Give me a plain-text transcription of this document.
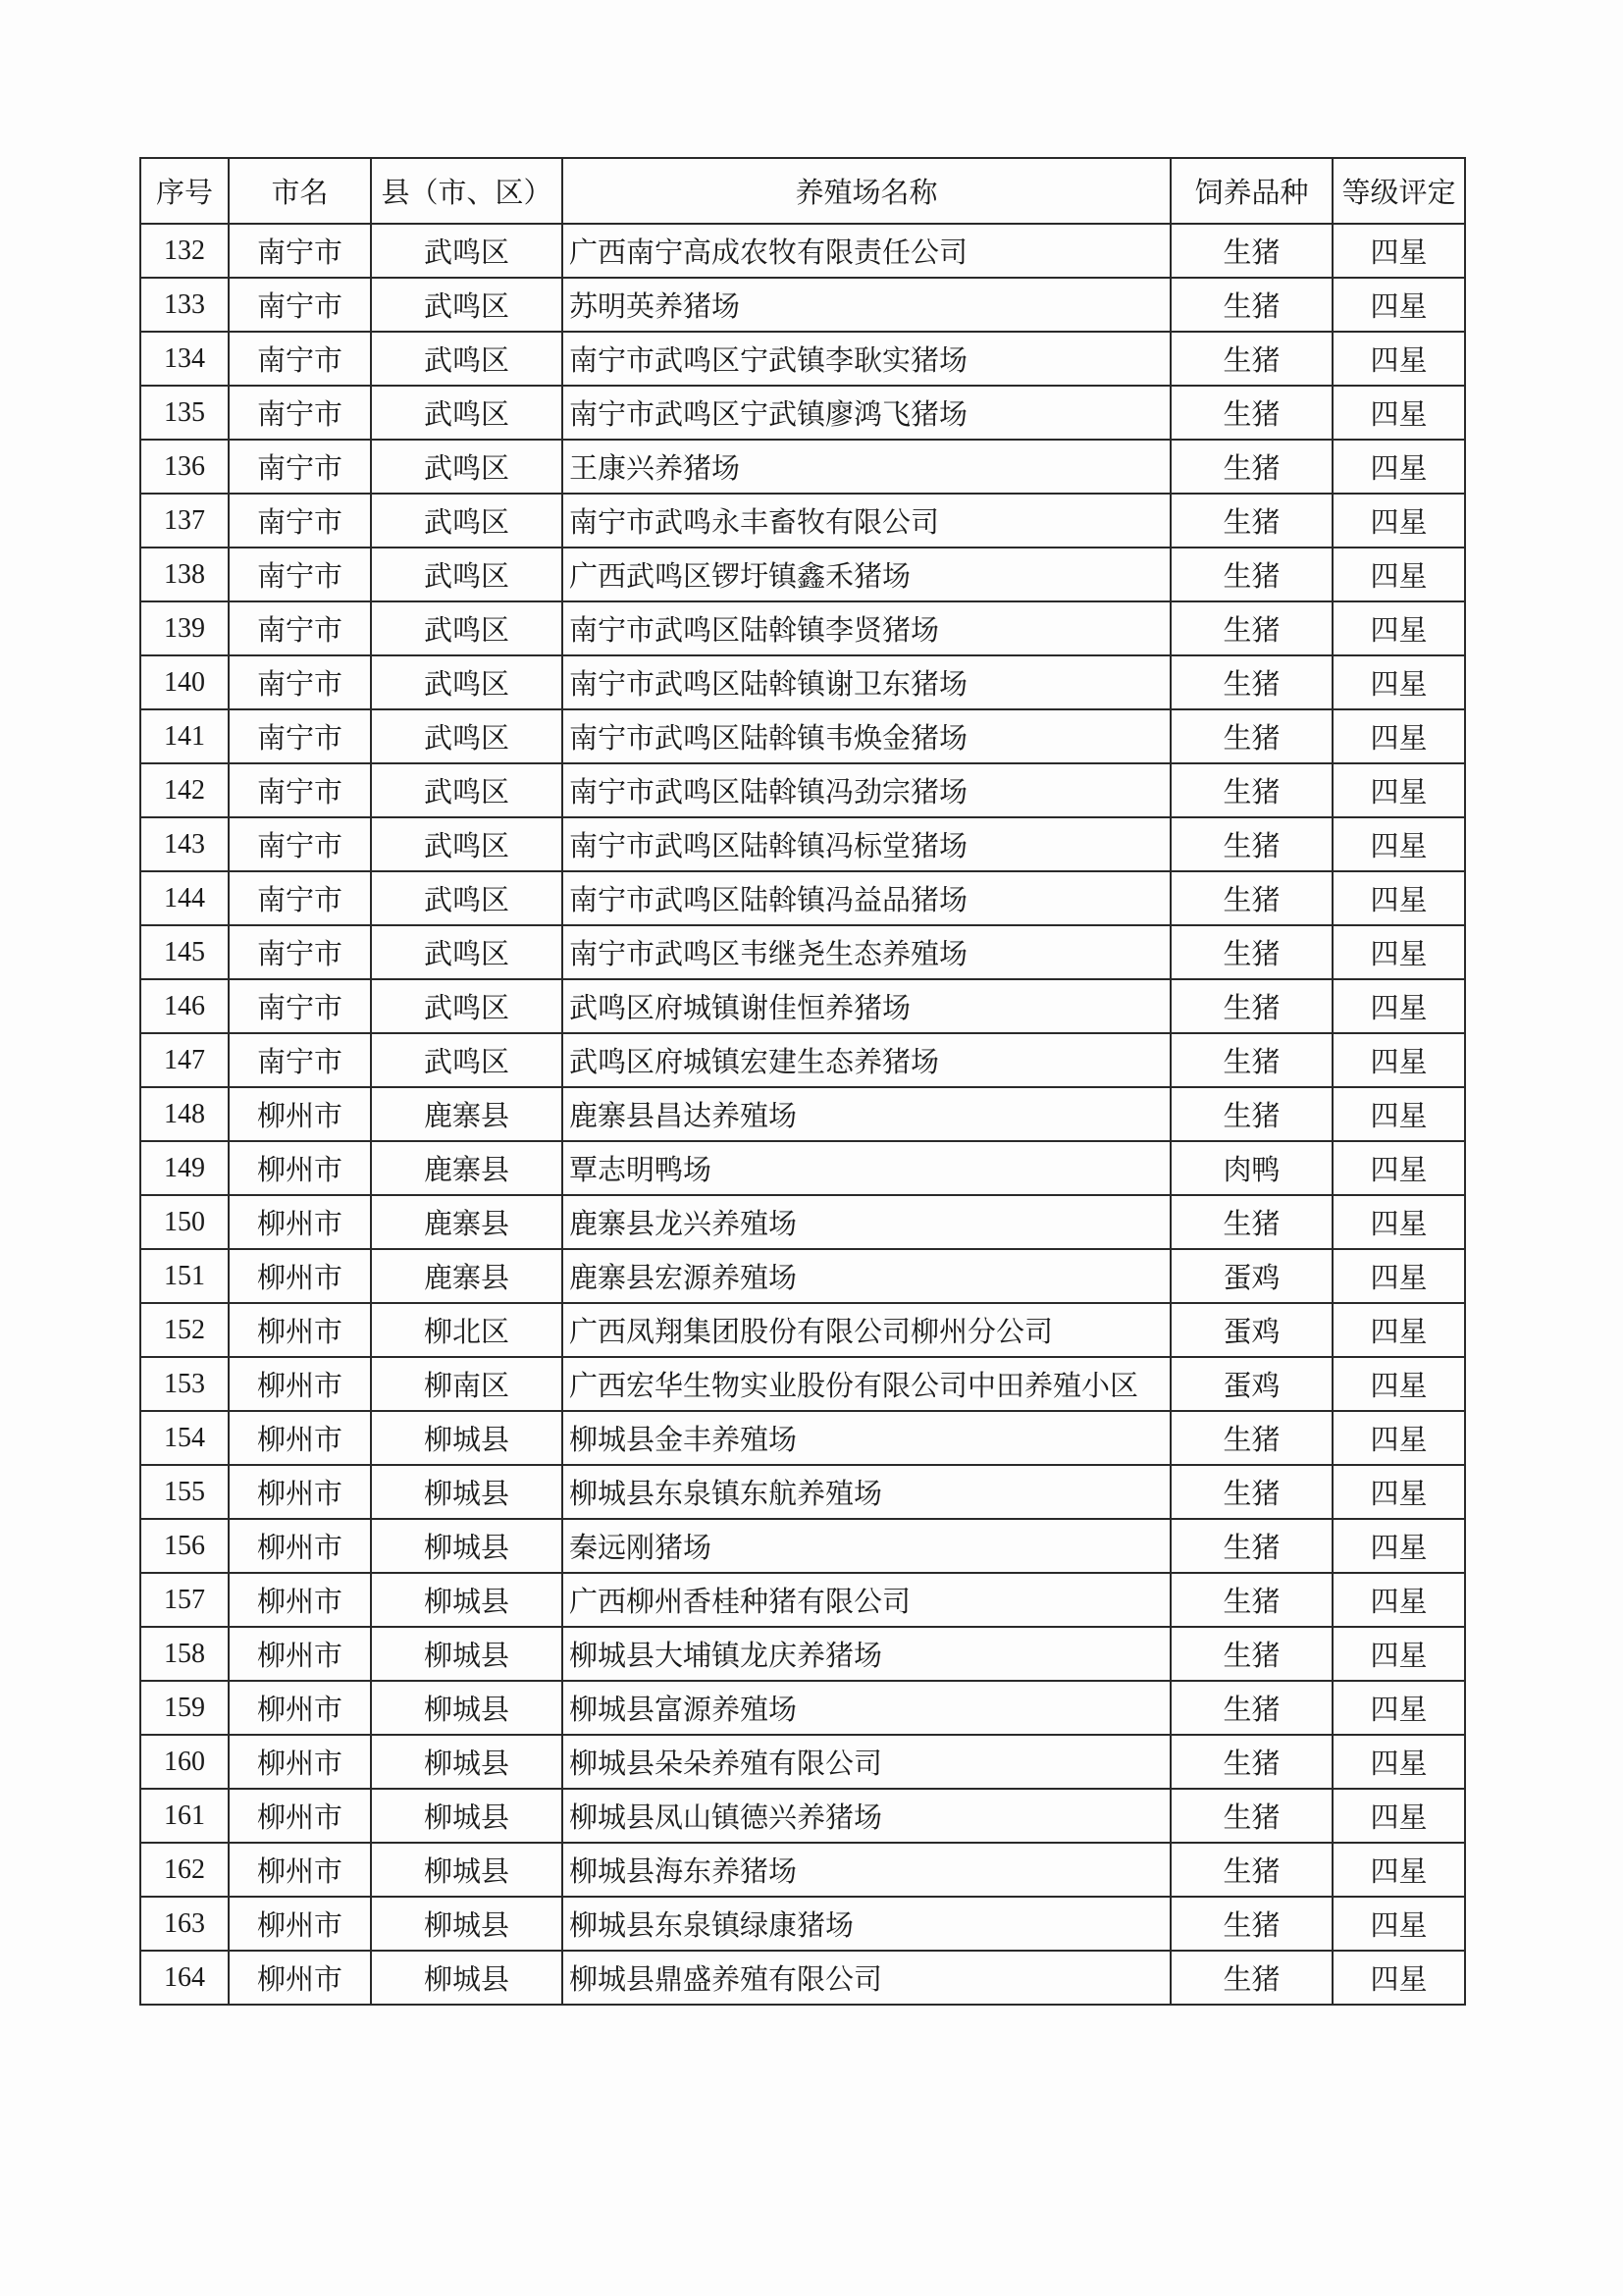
序号	市名	县（市、区）	养殖场名称	饲养品种	等级评定
132	南宁市	武鸣区	广西南宁高成农牧有限责任公司	生猪	四星
133	南宁市	武鸣区	苏明英养猪场	生猪	四星
134	南宁市	武鸣区	南宁市武鸣区宁武镇李耿实猪场	生猪	四星
135	南宁市	武鸣区	南宁市武鸣区宁武镇廖鸿飞猪场	生猪	四星
136	南宁市	武鸣区	王康兴养猪场	生猪	四星
137	南宁市	武鸣区	南宁市武鸣永丰畜牧有限公司	生猪	四星
138	南宁市	武鸣区	广西武鸣区锣圩镇鑫禾猪场	生猪	四星
139	南宁市	武鸣区	南宁市武鸣区陆斡镇李贤猪场	生猪	四星
140	南宁市	武鸣区	南宁市武鸣区陆斡镇谢卫东猪场	生猪	四星
141	南宁市	武鸣区	南宁市武鸣区陆斡镇韦焕金猪场	生猪	四星
142	南宁市	武鸣区	南宁市武鸣区陆斡镇冯劲宗猪场	生猪	四星
143	南宁市	武鸣区	南宁市武鸣区陆斡镇冯标堂猪场	生猪	四星
144	南宁市	武鸣区	南宁市武鸣区陆斡镇冯益品猪场	生猪	四星
145	南宁市	武鸣区	南宁市武鸣区韦继尧生态养殖场	生猪	四星
146	南宁市	武鸣区	武鸣区府城镇谢佳恒养猪场	生猪	四星
147	南宁市	武鸣区	武鸣区府城镇宏建生态养猪场	生猪	四星
148	柳州市	鹿寨县	鹿寨县昌达养殖场	生猪	四星
149	柳州市	鹿寨县	覃志明鸭场	肉鸭	四星
150	柳州市	鹿寨县	鹿寨县龙兴养殖场	生猪	四星
151	柳州市	鹿寨县	鹿寨县宏源养殖场	蛋鸡	四星
152	柳州市	柳北区	广西凤翔集团股份有限公司柳州分公司	蛋鸡	四星
153	柳州市	柳南区	广西宏华生物实业股份有限公司中田养殖小区	蛋鸡	四星
154	柳州市	柳城县	柳城县金丰养殖场	生猪	四星
155	柳州市	柳城县	柳城县东泉镇东航养殖场	生猪	四星
156	柳州市	柳城县	秦远刚猪场	生猪	四星
157	柳州市	柳城县	广西柳州香桂种猪有限公司	生猪	四星
158	柳州市	柳城县	柳城县大埔镇龙庆养猪场	生猪	四星
159	柳州市	柳城县	柳城县富源养殖场	生猪	四星
160	柳州市	柳城县	柳城县朵朵养殖有限公司	生猪	四星
161	柳州市	柳城县	柳城县凤山镇德兴养猪场	生猪	四星
162	柳州市	柳城县	柳城县海东养猪场	生猪	四星
163	柳州市	柳城县	柳城县东泉镇绿康猪场	生猪	四星
164	柳州市	柳城县	柳城县鼎盛养殖有限公司	生猪	四星
